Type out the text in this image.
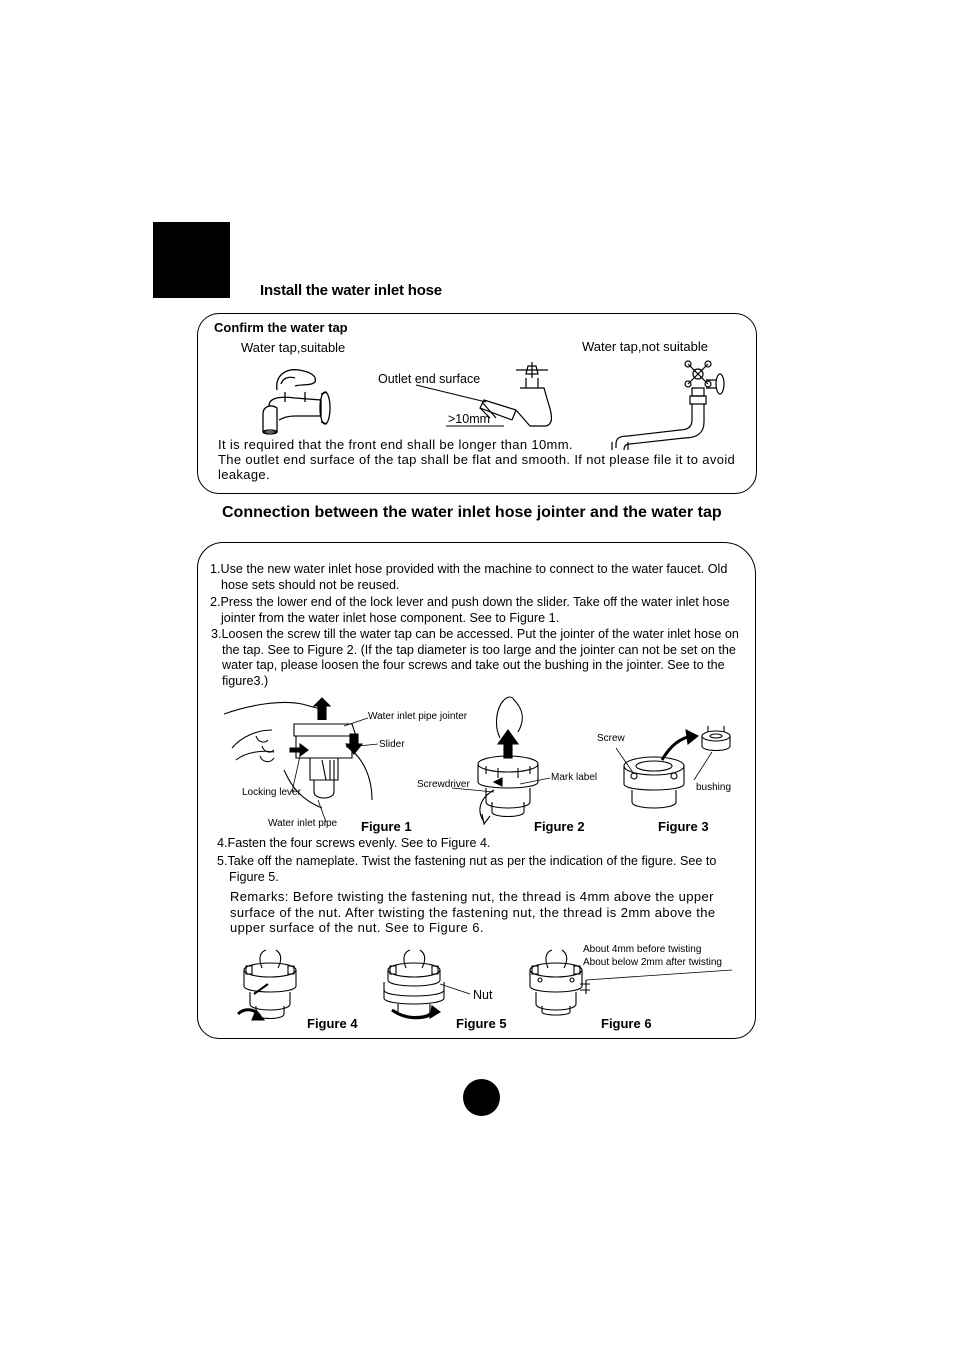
Install the water inlet hose
Confirm the water tap
Water tap,suitable	Water tap,not suitable
Outlet end surface
>10mm
It is required that the front end shall be longer than 10mm.
The outlet end surface of the tap shall be flat and smooth. If not please file it to avoid leakage.
Connection between the water inlet hose jointer and the water tap
1.Use the new water inlet hose provided with the machine to connect to the water faucet. Old hose sets should not be reused.
2.Press the lower end of the lock lever and push down the slider. Take off the water inlet hose jointer from the water inlet hose component. See to Figure 1.
3.Loosen the screw till the water tap can be accessed. Put the jointer of the water inlet hose on the tap. See to Figure 2. (If the tap diameter is too large and the jointer can not be set on the water tap, please loosen the four screws and take out the bushing in the jointer. See to the figure3.)
Water inlet pipe jointer
Slider
Locking lever
Water inlet pipe
Screwdriver
Mark label
Screw
bushing
Figure 1	Figure 2	Figure 3
4.Fasten the four screws evenly. See to Figure 4.
5.Take off the nameplate. Twist the fastening nut as per the indication of the figure. See to Figure 5.
Remarks: Before twisting the fastening nut, the thread is 4mm above the upper surface of the nut. After twisting the fastening nut, the thread is 2mm above the upper surface of the nut. See to Figure 6.
Nut
About 4mm before twisting
About below 2mm after twisting
Figure 4	Figure 5	Figure 6
